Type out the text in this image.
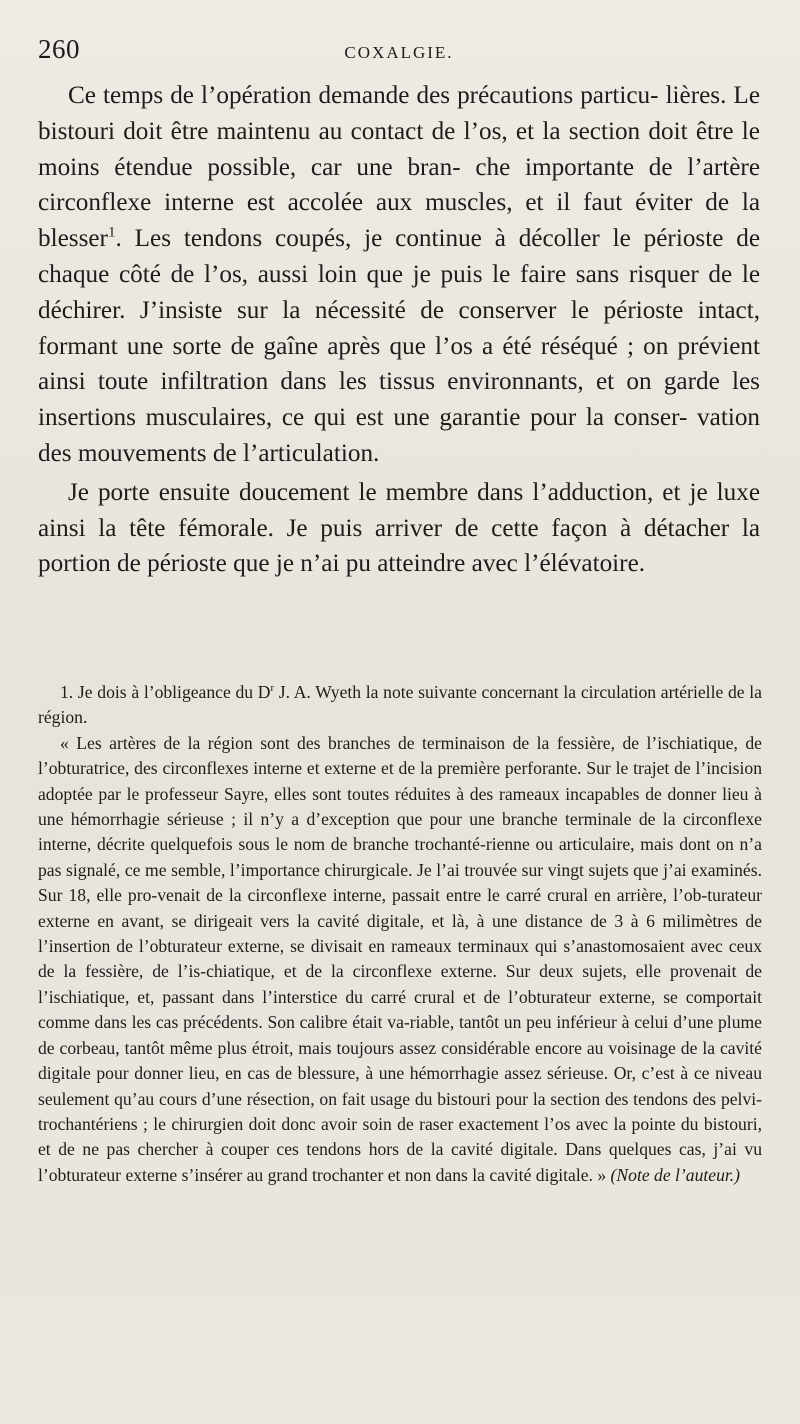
260	COXALGIE.

Ce temps de l’opération demande des précautions particu- lières. Le bistouri doit être maintenu au contact de l’os, et la section doit être le moins étendue possible, car une bran- che importante de l’artère circonflexe interne est accolée aux muscles, et il faut éviter de la blesser$^1$. Les tendons coupés, je continue à décoller le périoste de chaque côté de l’os, aussi loin que je puis le faire sans risquer de le déchirer. J’insiste sur la nécessité de conserver le périoste intact, formant une sorte de gaîne après que l’os a été réséqué ; on prévient ainsi toute infiltration dans les tissus environnants, et on garde les insertions musculaires, ce qui est une garantie pour la conser- vation des mouvements de l’articulation.

Je porte ensuite doucement le membre dans l’adduction, et je luxe ainsi la tête fémorale. Je puis arriver de cette façon à détacher la portion de périoste que je n’ai pu atteindre avec l’élévatoire.

1. Je dois à l’obligeance du $D^r$ J. A. Wyeth la note suivante concernant la circulation artérielle de la région.

« Les artères de la région sont des branches de terminaison de la fessière, de l’ischiatique, de l’obturatrice, des circonflexes interne et externe et de la première perforante. Sur le trajet de l’incision adoptée par le professeur Sayre, elles sont toutes réduites à des rameaux incapables de donner lieu à une hémorrhagie sérieuse ; il n’y a d’exception que pour une branche terminale de la circonflexe interne, décrite quelquefois sous le nom de branche trochanté-rienne ou articulaire, mais dont on n’a pas signalé, ce me semble, l’importance chirurgicale. Je l’ai trouvée sur vingt sujets que j’ai examinés. Sur 18, elle pro-venait de la circonflexe interne, passait entre le carré crural en arrière, l’ob-turateur externe en avant, se dirigeait vers la cavité digitale, et là, à une distance de 3 à 6 milimètres de l’insertion de l’obturateur externe, se divisait en rameaux terminaux qui s’anastomosaient avec ceux de la fessière, de l’is-chiatique, et de la circonflexe externe. Sur deux sujets, elle provenait de l’ischiatique, et, passant dans l’interstice du carré crural et de l’obturateur externe, se comportait comme dans les cas précédents. Son calibre était va-riable, tantôt un peu inférieur à celui d’une plume de corbeau, tantôt même plus étroit, mais toujours assez considérable encore au voisinage de la cavité digitale pour donner lieu, en cas de blessure, à une hémorrhagie assez sérieuse. Or, c’est à ce niveau seulement qu’au cours d’une résection, on fait usage du bistouri pour la section des tendons des pelvi-trochantériens ; le chirurgien doit donc avoir soin de raser exactement l’os avec la pointe du bistouri, et de ne pas chercher à couper ces tendons hors de la cavité digitale. Dans quelques cas, j’ai vu l’obturateur externe s’insérer au grand trochanter et non dans la cavité digitale. » (Note de l’auteur.)
